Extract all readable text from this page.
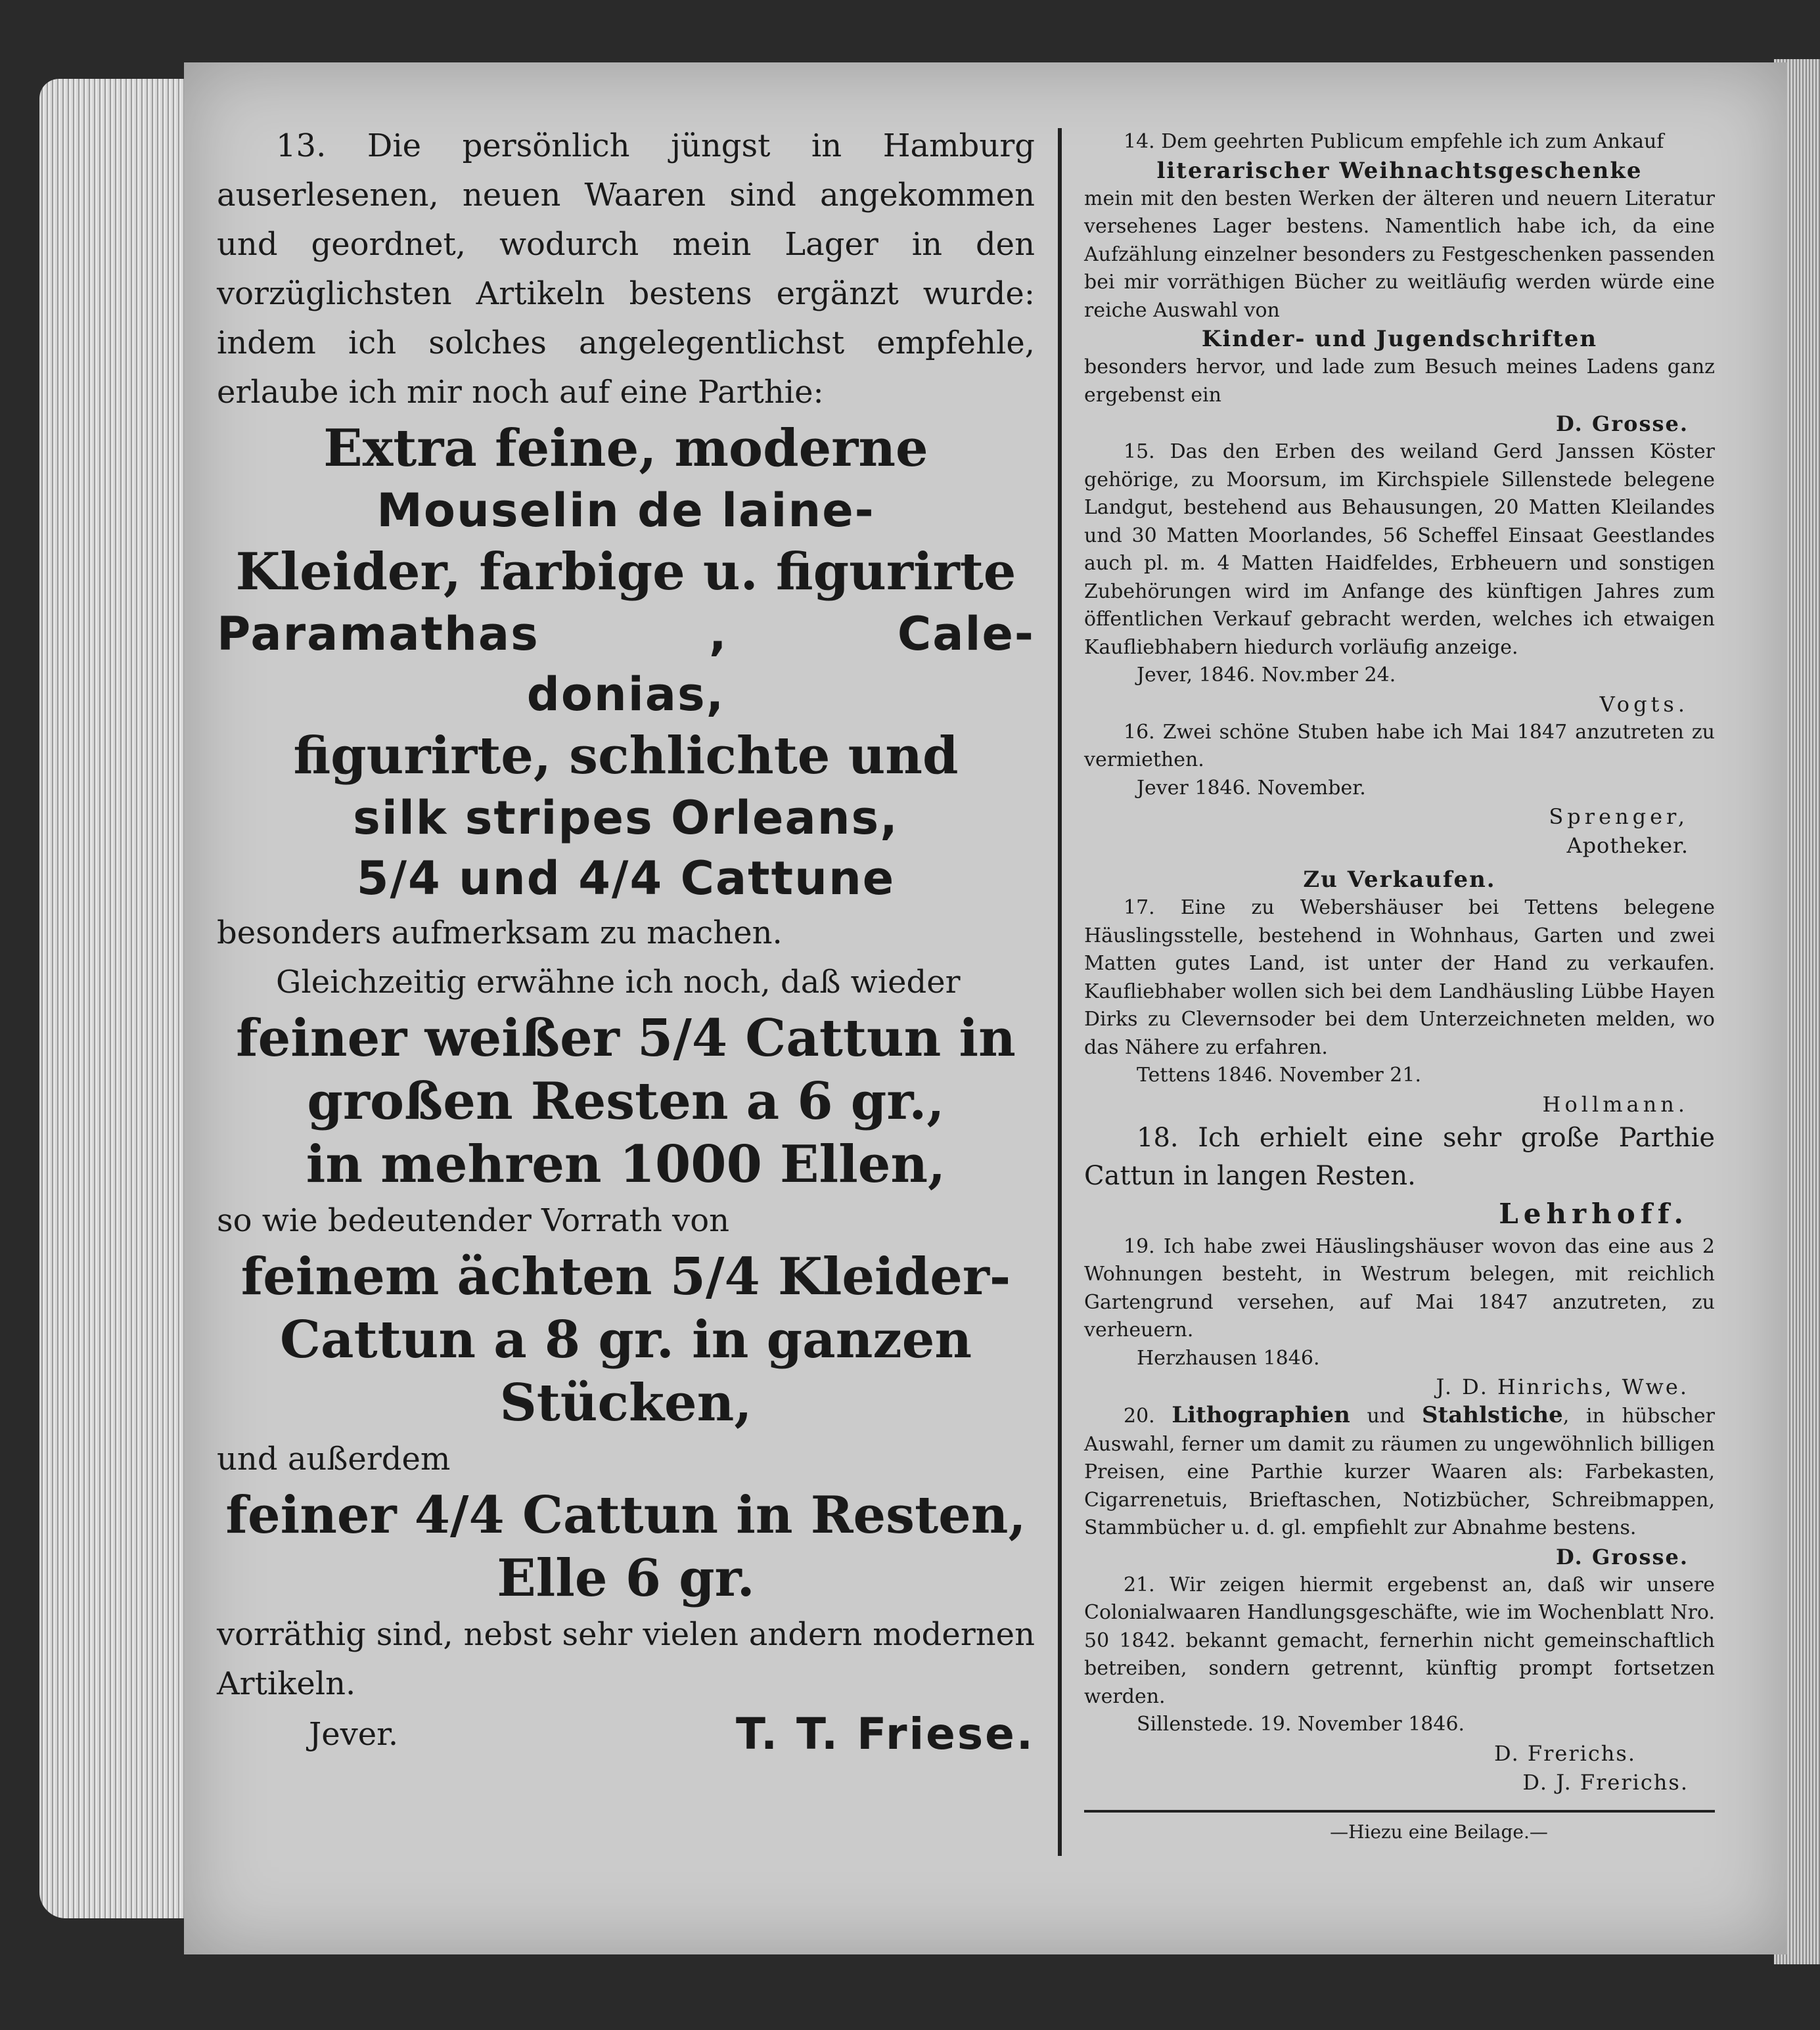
13. Die persönlich jüngst in Hamburg auserlesenen, neuen Waaren sind angekommen und geordnet, wodurch mein Lager in den vorzüglichsten Artikeln bestens ergänzt wurde: indem ich solches angelegentlichst empfehle, erlaube ich mir noch auf eine Parthie:

Extra feine, moderne

Mouselin de laine-

Kleider, farbige u. figurirte

Paramathas , Cale-

donias,

figurirte, schlichte und

silk stripes Orleans,

5/4 und 4/4 Cattune

besonders aufmerksam zu machen.

Gleichzeitig erwähne ich noch, daß wieder

feiner weißer 5/4 Cattun in

großen Resten a 6 gr.,

in mehren 1000 Ellen,

so wie bedeutender Vorrath von

feinem ächten 5/4 Kleider-

Cattun a 8 gr. in ganzen

Stücken,

und außerdem

feiner 4/4 Cattun in Resten,

Elle 6 gr.

vorräthig sind, nebst sehr vielen andern modernen Artikeln.

Jever.	T. T. Friese.

14. Dem geehrten Publicum empfehle ich zum Ankauf

literarischer Weihnachtsgeschenke

mein mit den besten Werken der älteren und neuern Literatur versehenes Lager bestens. Namentlich habe ich, da eine Aufzählung einzelner besonders zu Festgeschenken passenden bei mir vorräthigen Bücher zu weitläufig werden würde eine reiche Auswahl von

Kinder- und Jugendschriften

besonders hervor, und lade zum Besuch meines Ladens ganz ergebenst ein

D. Grosse.

15. Das den Erben des weiland Gerd Janssen Köster gehörige, zu Moorsum, im Kirchspiele Sillenstede belegene Landgut, bestehend aus Behausungen, 20 Matten Kleilandes und 30 Matten Moorlandes, 56 Scheffel Einsaat Geestlandes auch pl. m. 4 Matten Haidfeldes, Erbheuern und sonstigen Zubehörungen wird im Anfange des künftigen Jahres zum öffentlichen Verkauf gebracht werden, welches ich etwaigen Kaufliebhabern hiedurch vorläufig anzeige.

Jever, 1846. Nov.mber 24.

Vogts.

16. Zwei schöne Stuben habe ich Mai 1847 anzutreten zu vermiethen.

Jever 1846. November.

Sprenger,

Apotheker.

Zu Verkaufen.

17. Eine zu Webershäuser bei Tettens belegene Häuslingsstelle, bestehend in Wohnhaus, Garten und zwei Matten gutes Land, ist unter der Hand zu verkaufen. Kaufliebhaber wollen sich bei dem Landhäusling Lübbe Hayen Dirks zu Clevernsoder bei dem Unterzeichneten melden, wo das Nähere zu erfahren.

Tettens 1846. November 21.

Hollmann.

18. Ich erhielt eine sehr große Parthie Cattun in langen Resten.

Lehrhoff.

19. Ich habe zwei Häuslingshäuser wovon das eine aus 2 Wohnungen besteht, in Westrum belegen, mit reichlich Gartengrund versehen, auf Mai 1847 anzutreten, zu verheuern.

Herzhausen 1846.

J. D. Hinrichs, Wwe.

20. Lithographien und Stahlstiche, in hübscher Auswahl, ferner um damit zu räumen zu ungewöhnlich billigen Preisen, eine Parthie kurzer Waaren als: Farbekasten, Cigarrenetuis, Brieftaschen, Notizbücher, Schreibmappen, Stammbücher u. d. gl. empfiehlt zur Abnahme bestens.

D. Grosse.

21. Wir zeigen hiermit ergebenst an, daß wir unsere Colonialwaaren Handlungsgeschäfte, wie im Wochenblatt Nro. 50 1842. bekannt gemacht, fernerhin nicht gemeinschaftlich betreiben, sondern getrennt, künftig prompt fortsetzen werden.

Sillenstede. 19. November 1846.

D. Frerichs.

D. J. Frerichs.

—Hiezu eine Beilage.—
